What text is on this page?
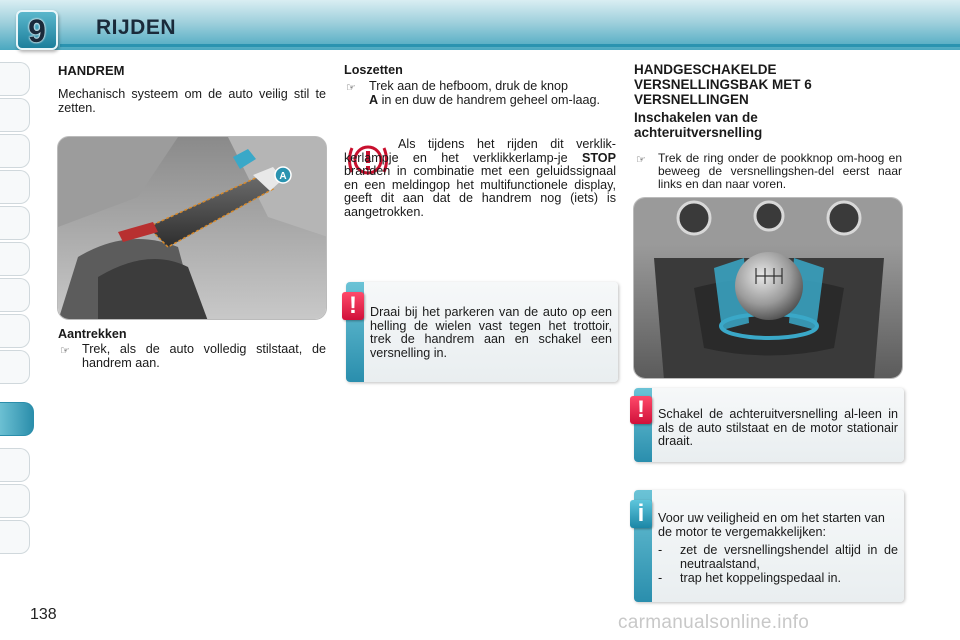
9	RIJDEN
HANDREM
Mechanisch systeem om de auto veilig stil te zetten.
A
Aantrekken
☞ Trek, als de auto volledig stilstaat, de handrem aan.
Loszetten
☞ Trek aan de hefboom, druk de knop
A in en duw de handrem geheel om-laag.
Als tijdens het rijden dit verklik-kerlampje en het verklikkerlamp-je STOP branden in combinatie met een geluidssignaal en een meldingop het multifunctionele display, geeft dit aan dat de handrem nog (iets) is aangetrokken.
Draai bij het parkeren van de auto op een helling de wielen vast tegen het trottoir, trek de handrem aan en schakel een versnelling in.
!
HANDGESCHAKELDE VERSNELLINGSBAK MET 6 VERSNELLINGEN
Inschakelen van de achteruitversnelling
☞ Trek de ring onder de pookknop om-hoog en beweeg de versnellingshen-del eerst naar links en dan naar voren.
Schakel de achteruitversnelling al-leen in als de auto stilstaat en de motor stationair draait.
!
Voor uw veiligheid en om het starten van de motor te vergemakkelijken:
- zet de versnellingshendel altijd in de neutraalstand,
- trap het koppelingspedaal in.
i
138	carmanualsonline.info
